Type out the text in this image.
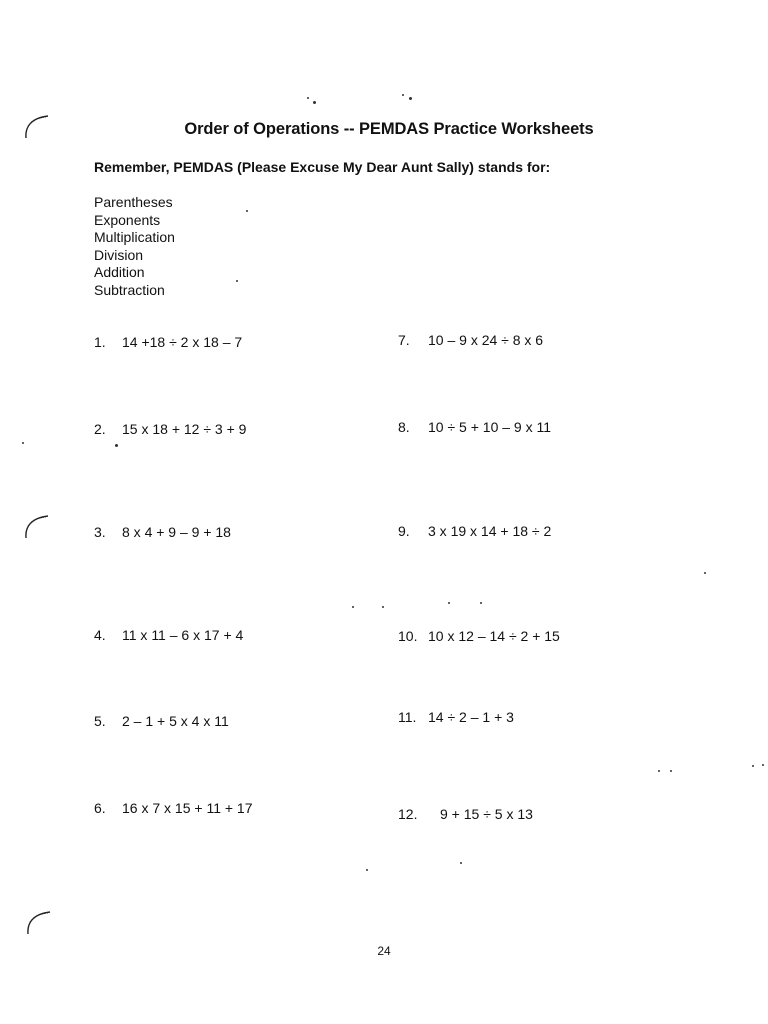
Order of Operations -- PEMDAS Practice Worksheets
Remember, PEMDAS (Please Excuse My Dear Aunt Sally) stands for:
Parentheses
Exponents
Multiplication
Division
Addition
Subtraction
1. 14 +18 ÷ 2 x 18 – 7
2. 15 x 18 + 12 ÷ 3 + 9
3. 8 x 4 + 9 – 9 + 18
4. 11 x 11 – 6 x 17 + 4
5. 2 – 1 + 5 x 4 x 11
6. 16 x 7 x 15 + 11 + 17
7. 10 – 9 x 24 ÷ 8 x 6
8. 10 ÷ 5 + 10 – 9 x 11
9. 3 x 19 x 14 + 18 ÷ 2
10. 10 x 12 – 14 ÷ 2 + 15
11. 14 ÷ 2 – 1 + 3
12. 9 + 15 ÷ 5 x 13
24
